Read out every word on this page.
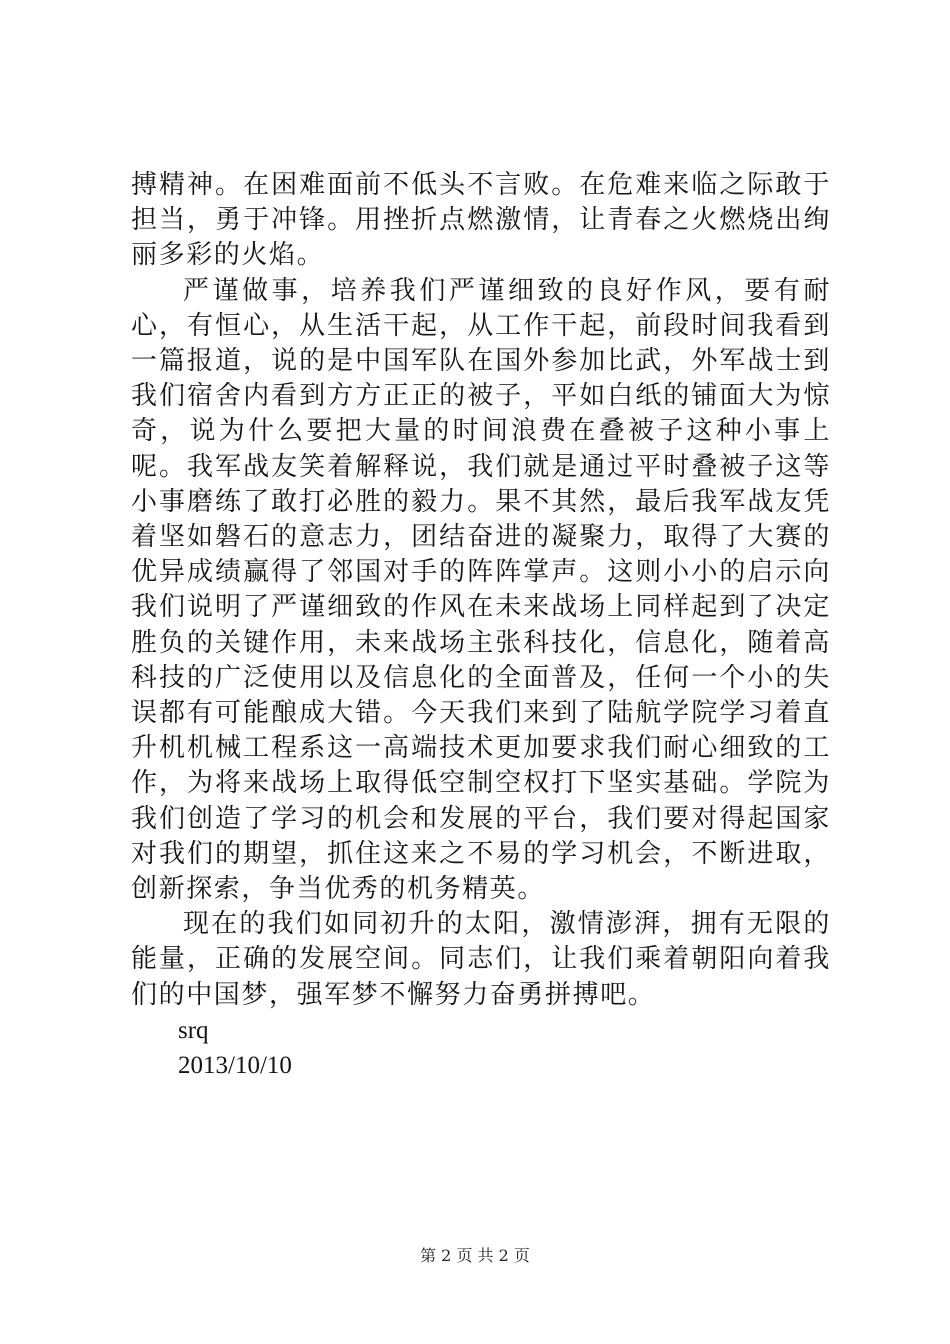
搏精神。在困难面前不低头不言败。在危难来临之际敢于担当，勇于冲锋。用挫折点燃激情，让青春之火燃烧出绚丽多彩的火焰。

严谨做事，培养我们严谨细致的良好作风，要有耐心，有恒心，从生活干起，从工作干起，前段时间我看到一篇报道，说的是中国军队在国外参加比武，外军战士到我们宿舍内看到方方正正的被子，平如白纸的铺面大为惊奇，说为什么要把大量的时间浪费在叠被子这种小事上呢。我军战友笑着解释说，我们就是通过平时叠被子这等小事磨练了敢打必胜的毅力。果不其然，最后我军战友凭着坚如磐石的意志力，团结奋进的凝聚力，取得了大赛的优异成绩赢得了邻国对手的阵阵掌声。这则小小的启示向我们说明了严谨细致的作风在未来战场上同样起到了决定胜负的关键作用，未来战场主张科技化，信息化，随着高科技的广泛使用以及信息化的全面普及，任何一个小的失误都有可能酿成大错。今天我们来到了陆航学院学习着直升机机械工程系这一高端技术更加要求我们耐心细致的工作，为将来战场上取得低空制空权打下坚实基础。学院为我们创造了学习的机会和发展的平台，我们要对得起国家对我们的期望，抓住这来之不易的学习机会，不断进取，创新探索，争当优秀的机务精英。

现在的我们如同初升的太阳，激情澎湃，拥有无限的能量，正确的发展空间。同志们，让我们乘着朝阳向着我们的中国梦，强军梦不懈努力奋勇拼搏吧。

srq

2013/10/10

第 2 页 共 2 页
